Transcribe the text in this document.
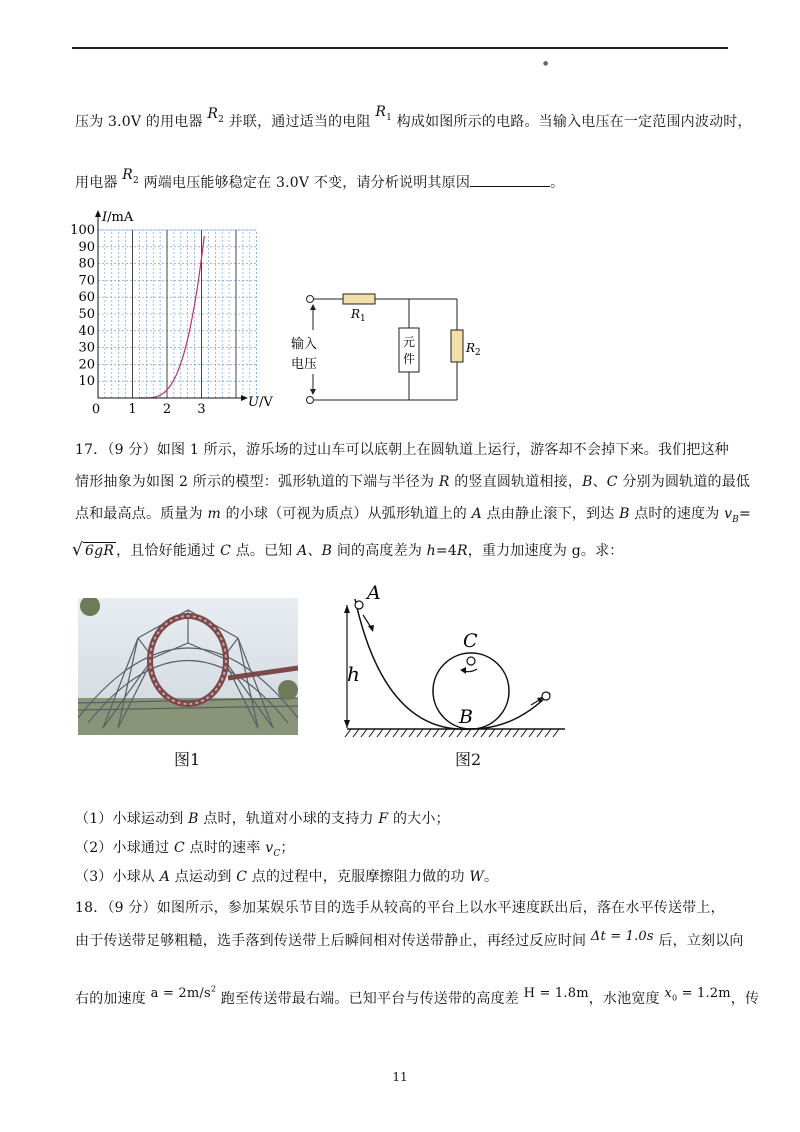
●
压为 3.0V 的用电器 $R_2$ 并联，通过适当的电阻 $R_1$ 构成如图所示的电路。当输入电压在一定范围内波动时，
用电器 $R_2$ 两端电压能够稳定在 3.0V 不变，请分析说明其原因	。
I/mA
U/V
100
90
80
70
60
50
40
30
20
10
0 1 2 3
$R_1$
$R_2$
元
件
输入
电压
17．（9 分）如图 1 所示，游乐场的过山车可以底朝上在圆轨道上运行，游客却不会掉下来。我们把这种
情形抽象为如图 2 所示的模型：弧形轨道的下端与半径为 R 的竖直圆轨道相接，B、C 分别为圆轨道的最低
点和最高点。质量为 m 的小球（可视为质点）从弧形轨道上的 A 点由静止滚下，到达 B 点时的速度为 $v_B=$
√ 6gR ，且恰好能通过 C 点。已知 A、B 间的高度差为 h=4R，重力加速度为 g。求：
图1
A
C
B
h
图2
（1）小球运动到 B 点时，轨道对小球的支持力 F 的大小；
（2）小球通过 C 点时的速率 $v_C$；
（3）小球从 A 点运动到 C 点的过程中，克服摩擦阻力做的功 W。
18．（9 分）如图所示，参加某娱乐节目的选手从较高的平台上以水平速度跃出后，落在水平传送带上，
由于传送带足够粗糙，选手落到传送带上后瞬间相对传送带静止，再经过反应时间 Δt = 1.0s 后，立刻以向
右的加速度 $a = 2m/s^2$ 跑至传送带最右端。已知平台与传送带的高度差 H = 1.8m，水池宽度 $x_0 = 1.2m$，传
11
